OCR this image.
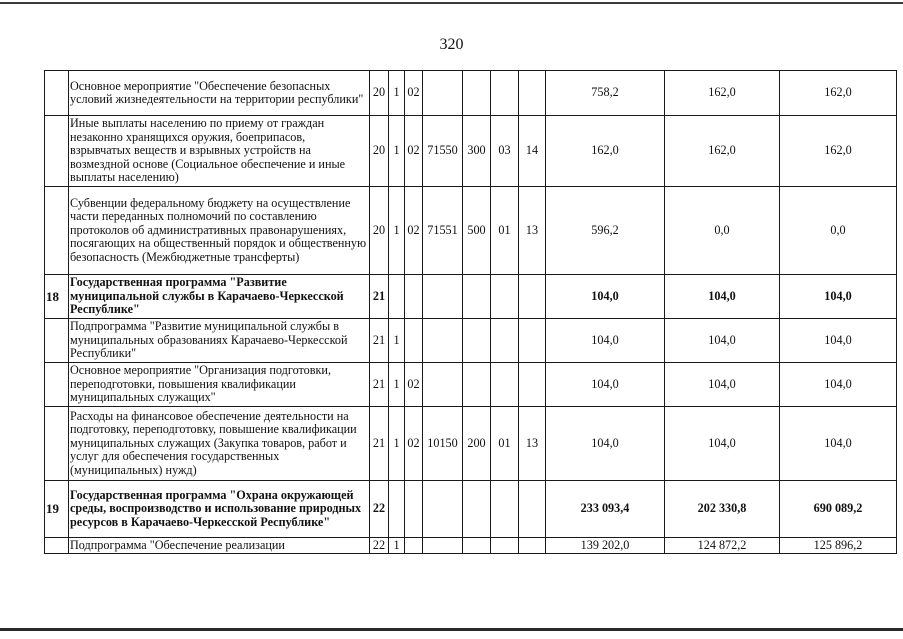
320
	Основное мероприятие "Обеспечение безопасных условий жизнедеятельности на территории республики"	20	1	02					758,2	162,0	162,0
	Иные выплаты населению по приему от граждан незаконно хранящихся оружия, боеприпасов, взрывчатых веществ и взрывных устройств на возмездной основе (Социальное обеспечение и иные выплаты населению)	20	1	02	71550	300	03	14	162,0	162,0	162,0
	Субвенции федеральному бюджету на осуществление части переданных полномочий по составлению протоколов об административных правонарушениях, посягающих на общественный порядок и общественную безопасность (Межбюджетные трансферты)	20	1	02	71551	500	01	13	596,2	0,0	0,0
18	Государственная программа "Развитие муниципальной службы в Карачаево-Черкесской Республике"	21							104,0	104,0	104,0
	Подпрограмма "Развитие муниципальной службы в муниципальных образованиях Карачаево-Черкесской Республики"	21	1						104,0	104,0	104,0
	Основное мероприятие "Организация подготовки, переподготовки, повышения квалификации муниципальных служащих"	21	1	02					104,0	104,0	104,0
	Расходы на финансовое обеспечение деятельности на подготовку, переподготовку, повышение квалификации муниципальных служащих (Закупка товаров, работ и услуг для обеспечения государственных (муниципальных) нужд)	21	1	02	10150	200	01	13	104,0	104,0	104,0
19	Государственная программа "Охрана окружающей среды, воспроизводство и использование природных ресурсов в Карачаево-Черкесской Республике"	22							233 093,4	202 330,8	690 089,2
	Подпрограмма "Обеспечение реализации	22	1						139 202,0	124 872,2	125 896,2
